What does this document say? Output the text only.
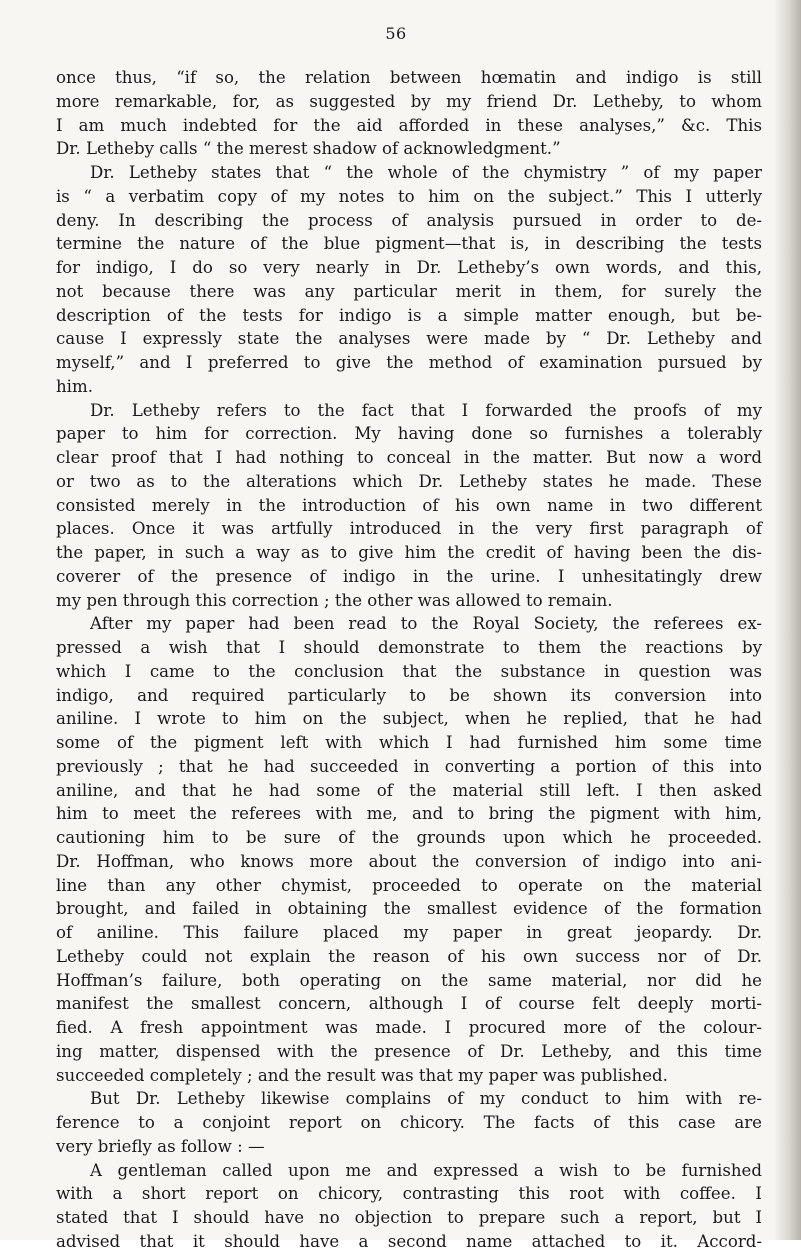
56
once thus, “if so, the relation between hœmatin and indigo is still
more remarkable, for, as suggested by my friend Dr. Letheby, to whom
I am much indebted for the aid afforded in these analyses,” &c. This
Dr. Letheby calls “ the merest shadow of acknowledgment.”
Dr. Letheby states that “ the whole of the chymistry ” of my paper
is “ a verbatim copy of my notes to him on the subject.” This I utterly
deny. In describing the process of analysis pursued in order to de-
termine the nature of the blue pigment—that is, in describing the tests
for indigo, I do so very nearly in Dr. Letheby’s own words, and this,
not because there was any particular merit in them, for surely the
description of the tests for indigo is a simple matter enough, but be-
cause I expressly state the analyses were made by “ Dr. Letheby and
myself,” and I preferred to give the method of examination pursued by
him.
Dr. Letheby refers to the fact that I forwarded the proofs of my
paper to him for correction. My having done so furnishes a tolerably
clear proof that I had nothing to conceal in the matter. But now a word
or two as to the alterations which Dr. Letheby states he made. These
consisted merely in the introduction of his own name in two different
places. Once it was artfully introduced in the very first paragraph of
the paper, in such a way as to give him the credit of having been the dis-
coverer of the presence of indigo in the urine. I unhesitatingly drew
my pen through this correction ; the other was allowed to remain.
After my paper had been read to the Royal Society, the referees ex-
pressed a wish that I should demonstrate to them the reactions by
which I came to the conclusion that the substance in question was
indigo, and required particularly to be shown its conversion into
aniline. I wrote to him on the subject, when he replied, that he had
some of the pigment left with which I had furnished him some time
previously ; that he had succeeded in converting a portion of this into
aniline, and that he had some of the material still left. I then asked
him to meet the referees with me, and to bring the pigment with him,
cautioning him to be sure of the grounds upon which he proceeded.
Dr. Hoffman, who knows more about the conversion of indigo into ani-
line than any other chymist, proceeded to operate on the material
brought, and failed in obtaining the smallest evidence of the formation
of aniline. This failure placed my paper in great jeopardy. Dr.
Letheby could not explain the reason of his own success nor of Dr.
Hoffman’s failure, both operating on the same material, nor did he
manifest the smallest concern, although I of course felt deeply morti-
fied. A fresh appointment was made. I procured more of the colour-
ing matter, dispensed with the presence of Dr. Letheby, and this time
succeeded completely ; and the result was that my paper was published.
But Dr. Letheby likewise complains of my conduct to him with re-
ference to a conjoint report on chicory. The facts of this case are
very briefly as follow : —
A gentleman called upon me and expressed a wish to be furnished
with a short report on chicory, contrasting this root with coffee. I
stated that I should have no objection to prepare such a report, but I
advised that it should have a second name attached to it. Accord-
